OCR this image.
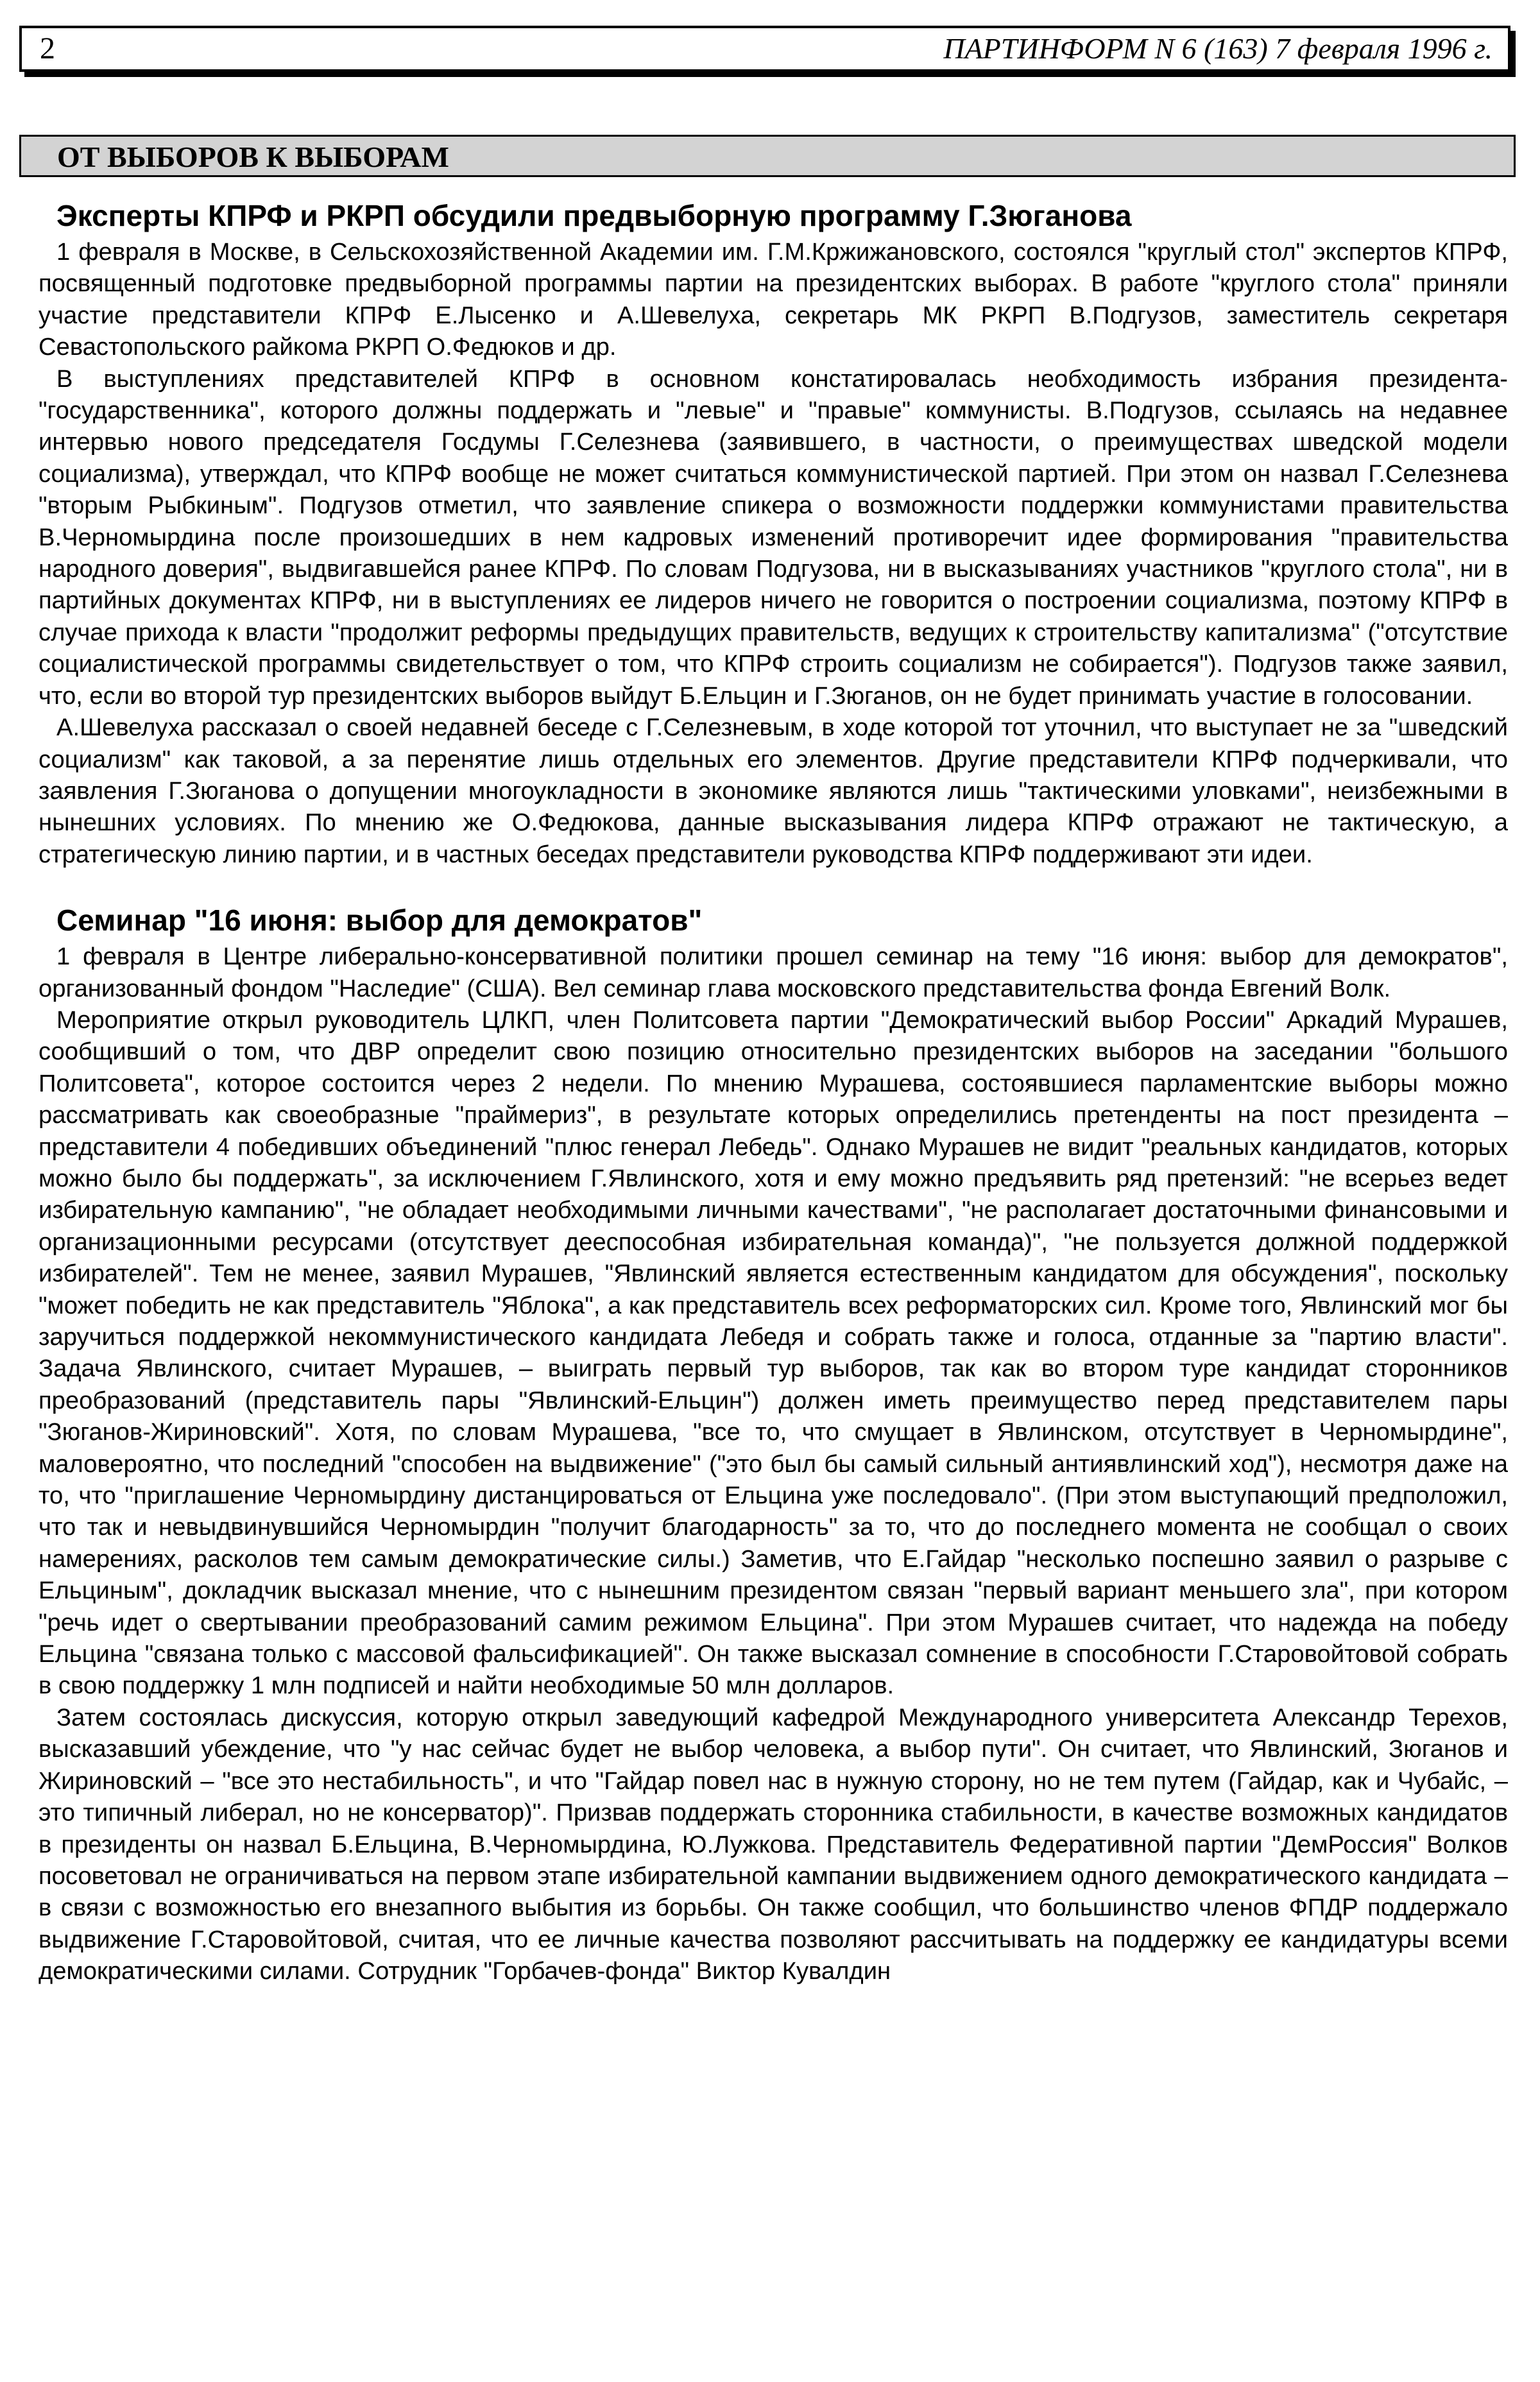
2	ПАРТИНФОРМ N 6 (163) 7 февраля 1996 г.
ОТ ВЫБОРОВ К ВЫБОРАМ
Эксперты КПРФ и РКРП обсудили предвыборную программу Г.Зюганова

1 февраля в Москве, в Сельскохозяйственной Академии им. Г.М.Кржижановского, состоялся "круглый стол" экспертов КПРФ, посвященный подготовке предвыборной программы партии на президентских выборах. В работе "круглого стола" приняли участие представители КПРФ Е.Лысенко и А.Шевелуха, секретарь МК РКРП В.Подгузов, заместитель секретаря Севастопольского райкома РКРП О.Федюков и др.

В выступлениях представителей КПРФ в основном констатировалась необходимость избрания президента-"государственника", которого должны поддержать и "левые" и "правые" коммунисты. В.Подгузов, ссылаясь на недавнее интервью нового председателя Госдумы Г.Селезнева (заявившего, в частности, о преимуществах шведской модели социализма), утверждал, что КПРФ вообще не может считаться коммунистической партией. При этом он назвал Г.Селезнева "вторым Рыбкиным". Подгузов отметил, что заявление спикера о возможности поддержки коммунистами правительства В.Черномырдина после произошедших в нем кадровых изменений противоречит идее формирования "правительства народного доверия", выдвигавшейся ранее КПРФ. По словам Подгузова, ни в высказываниях участников "круглого стола", ни в партийных документах КПРФ, ни в выступлениях ее лидеров ничего не говорится о построении социализма, поэтому КПРФ в случае прихода к власти "продолжит реформы предыдущих правительств, ведущих к строительству капитализма" ("отсутствие социалистической программы свидетельствует о том, что КПРФ строить социализм не собирается"). Подгузов также заявил, что, если во второй тур президентских выборов выйдут Б.Ельцин и Г.Зюганов, он не будет принимать участие в голосовании.

А.Шевелуха рассказал о своей недавней беседе с Г.Селезневым, в ходе которой тот уточнил, что выступает не за "шведский социализм" как таковой, а за перенятие лишь отдельных его элементов. Другие представители КПРФ подчеркивали, что заявления Г.Зюганова о допущении многоукладности в экономике являются лишь "тактическими уловками", неизбежными в нынешних условиях. По мнению же О.Федюкова, данные высказывания лидера КПРФ отражают не тактическую, а стратегическую линию партии, и в частных беседах представители руководства КПРФ поддерживают эти идеи.

Семинар "16 июня: выбор для демократов"

1 февраля в Центре либерально-консервативной политики прошел семинар на тему "16 июня: выбор для демократов", организованный фондом "Наследие" (США). Вел семинар глава московского представительства фонда Евгений Волк.

Мероприятие открыл руководитель ЦЛКП, член Политсовета партии "Демократический выбор России" Аркадий Мурашев, сообщивший о том, что ДВР определит свою позицию относительно президентских выборов на заседании "большого Политсовета", которое состоится через 2 недели. По мнению Мурашева, состоявшиеся парламентские выборы можно рассматривать как своеобразные "праймериз", в результате которых определились претенденты на пост президента – представители 4 победивших объединений "плюс генерал Лебедь". Однако Мурашев не видит "реальных кандидатов, которых можно было бы поддержать", за исключением Г.Явлинского, хотя и ему можно предъявить ряд претензий: "не всерьез ведет избирательную кампанию", "не обладает необходимыми личными качествами", "не располагает достаточными финансовыми и организационными ресурсами (отсутствует дееспособная избирательная команда)", "не пользуется должной поддержкой избирателей". Тем не менее, заявил Мурашев, "Явлинский является естественным кандидатом для обсуждения", поскольку "может победить не как представитель "Яблока", а как представитель всех реформаторских сил. Кроме того, Явлинский мог бы заручиться поддержкой некоммунистического кандидата Лебедя и собрать также и голоса, отданные за "партию власти". Задача Явлинского, считает Мурашев, – выиграть первый тур выборов, так как во втором туре кандидат сторонников преобразований (представитель пары "Явлинский-Ельцин") должен иметь преимущество перед представителем пары "Зюганов-Жириновский". Хотя, по словам Мурашева, "все то, что смущает в Явлинском, отсутствует в Черномырдине", маловероятно, что последний "способен на выдвижение" ("это был бы самый сильный антиявлинский ход"), несмотря даже на то, что "приглашение Черномырдину дистанцироваться от Ельцина уже последовало". (При этом выступающий предположил, что так и невыдвинувшийся Черномырдин "получит благодарность" за то, что до последнего момента не сообщал о своих намерениях, расколов тем самым демократические силы.) Заметив, что Е.Гайдар "несколько поспешно заявил о разрыве с Ельциным", докладчик высказал мнение, что с нынешним президентом связан "первый вариант меньшего зла", при котором "речь идет о свертывании преобразований самим режимом Ельцина". При этом Мурашев считает, что надежда на победу Ельцина "связана только с массовой фальсификацией". Он также высказал сомнение в способности Г.Старовойтовой собрать в свою поддержку 1 млн подписей и найти необходимые 50 млн долларов.

Затем состоялась дискуссия, которую открыл заведующий кафедрой Международного университета Александр Терехов, высказавший убеждение, что "у нас сейчас будет не выбор человека, а выбор пути". Он считает, что Явлинский, Зюганов и Жириновский – "все это нестабильность", и что "Гайдар повел нас в нужную сторону, но не тем путем (Гайдар, как и Чубайс, – это типичный либерал, но не консерватор)". Призвав поддержать сторонника стабильности, в качестве возможных кандидатов в президенты он назвал Б.Ельцина, В.Черномырдина, Ю.Лужкова. Представитель Федеративной партии "ДемРоссия" Волков посоветовал не ограничиваться на первом этапе избирательной кампании выдвижением одного демократического кандидата – в связи с возможностью его внезапного выбытия из борьбы. Он также сообщил, что большинство членов ФПДР поддержало выдвижение Г.Старовойтовой, считая, что ее личные качества позволяют рассчитывать на поддержку ее кандидатуры всеми демократическими силами. Сотрудник "Горбачев-фонда" Виктор Кувалдин
